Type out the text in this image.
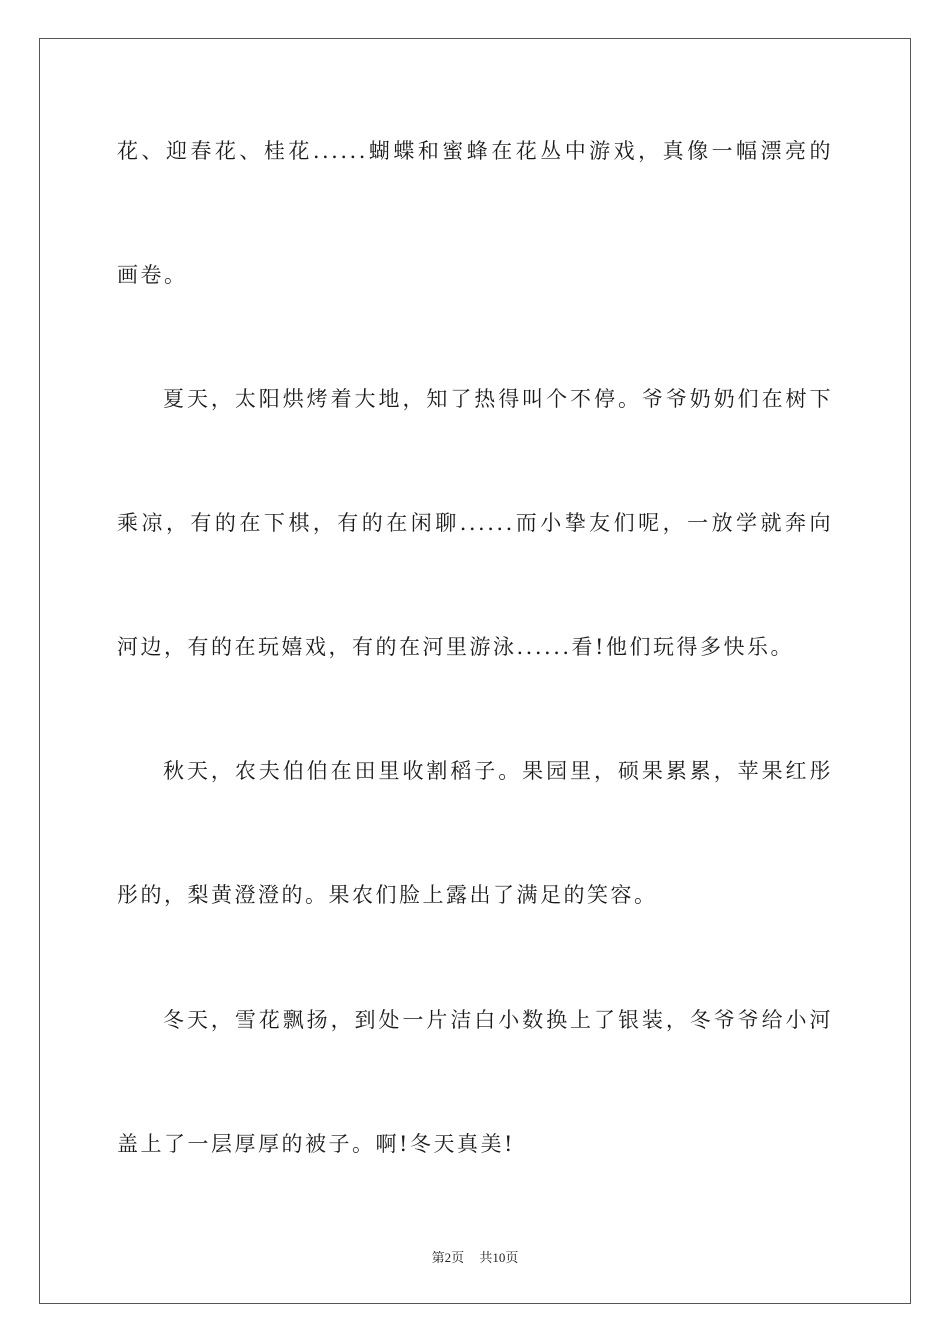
花、迎春花、桂花......蝴蝶和蜜蜂在花丛中游戏，真像一幅漂亮的
画卷。
夏天，太阳烘烤着大地，知了热得叫个不停。爷爷奶奶们在树下
乘凉，有的在下棋，有的在闲聊......而小挚友们呢，一放学就奔向
河边，有的在玩嬉戏，有的在河里游泳......看!他们玩得多快乐。
秋天，农夫伯伯在田里收割稻子。果园里，硕果累累，苹果红彤
彤的，梨黄澄澄的。果农们脸上露出了满足的笑容。
冬天，雪花飘扬，到处一片洁白小数换上了银装，冬爷爷给小河
盖上了一层厚厚的被子。啊!冬天真美!
第2页 共10页
